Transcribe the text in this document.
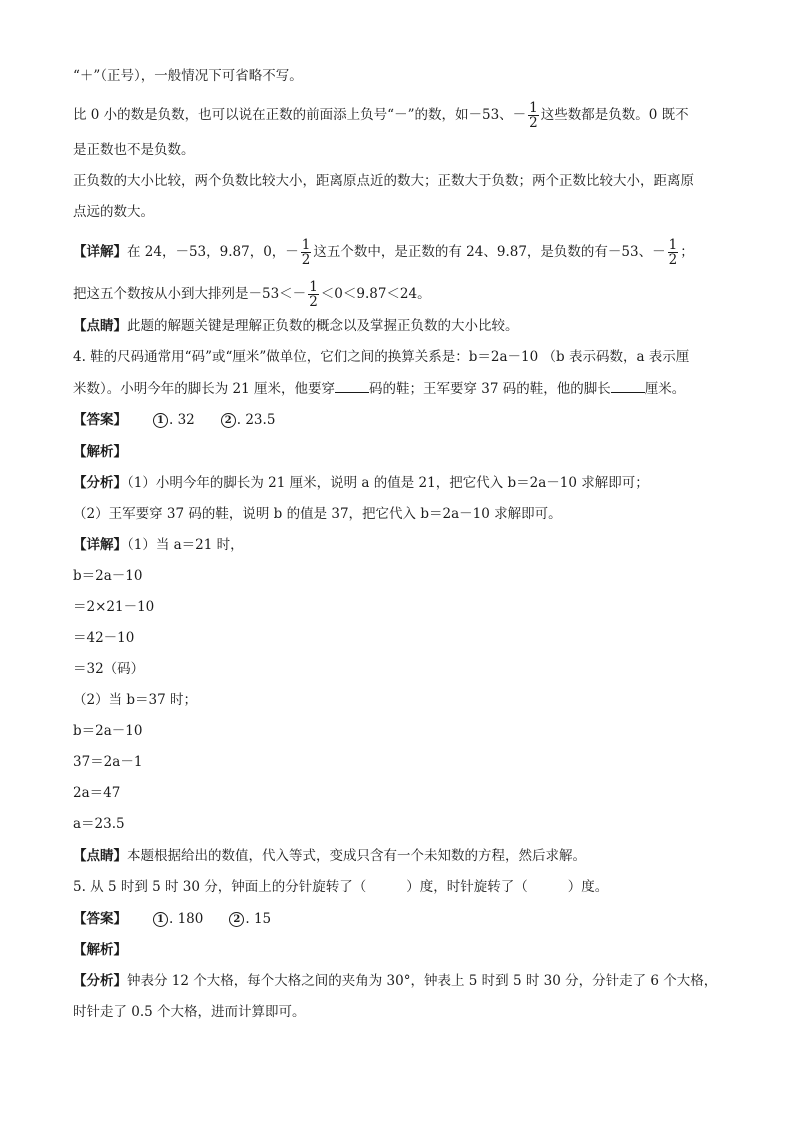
“＋”（正号），一般情况下可省略不写。
比 0 小的数是负数，也可以说在正数的前面添上负号“－”的数，如－53、－ $\frac{1}{2}$ 这些数都是负数。0 既不
是正数也不是负数。
正负数的大小比较，两个负数比较大小，距离原点近的数大；正数大于负数；两个正数比较大小，距离原
点远的数大。
【详解】在 24，－53，9.87，0，－ $\frac{1}{2}$ 这五个数中，是正数的有 24、9.87，是负数的有－53、－ $\frac{1}{2}$ ；
把这五个数按从小到大排列是$-53<- \frac{1}{2} <0<9.87<24$。
【点睛】此题的解题关键是理解正负数的概念以及掌握正负数的大小比较。
4. 鞋的尺码通常用“码”或“厘米”做单位，它们之间的换算关系是：b＝2a－10 （b 表示码数，a 表示厘
米数）。小明今年的脚长为 21 厘米，他要穿	码的鞋；王军要穿 37 码的鞋，他的脚长	厘米。
【答案】	1 . 32	2 . 23.5
【解析】
【分析】（1）小明今年的脚长为 21 厘米，说明 a 的值是 21，把它代入 b＝2a－10 求解即可；
（2）王军要穿 37 码的鞋，说明 b 的值是 37，把它代入 b＝2a－10 求解即可。
【详解】（1）当 a＝21 时，
b＝2a－10
＝2×21－10
＝42－10
＝32（码）
（2）当 b＝37 时；
b＝2a－10
37＝2a－1
2a＝47
a＝23.5
【点睛】本题根据给出的数值，代入等式，变成只含有一个未知数的方程，然后求解。
5. 从 5 时到 5 时 30 分，钟面上的分针旋转了（	）度，时针旋转了（	）度。
【答案】	1 . 180	2 . 15
【解析】
【分析】钟表分 12 个大格，每个大格之间的夹角为 30°，钟表上 5 时到 5 时 30 分，分针走了 6 个大格，
时针走了 0.5 个大格，进而计算即可。
